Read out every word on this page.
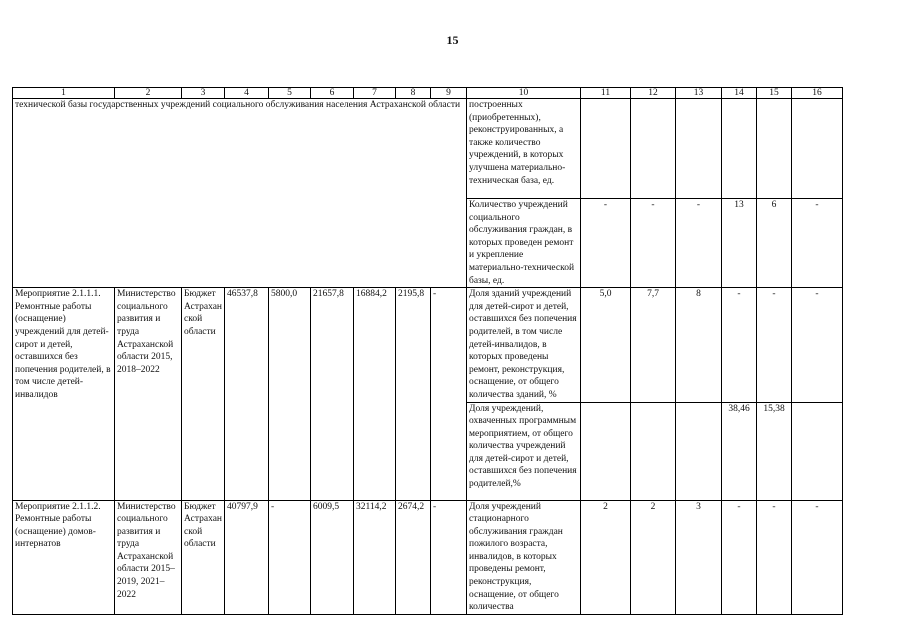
15
1	2	3	4	5	6	7	8	9	10	11	12	13	14	15	16
технической базы государственных учреждений социального обслуживания населения Астраханской области									построенных (приобретенных), реконструированных, а также количество учреждений, в которых улучшена материально-техническая база, ед.						
									Количество учреждений социального обслуживания граждан, в которых проведен ремонт и укрепление материально-технической базы, ед.	-	-	-	13	6	-
Мероприятие 2.1.1.1. Ремонтные работы (оснащение) учреждений для детей-сирот и детей, оставшихся без попечения родителей, в том числе детей-инвалидов	Министерство социального развития и труда Астраханской области 2015, 2018–2022	Бюджет Астраханской области	46537,8	5800,0	21657,8	16884,2	2195,8	-	Доля зданий учреждений для детей-сирот и детей, оставшихся без попечения родителей, в том числе детей-инвалидов, в которых проведены ремонт, реконструкция, оснащение, от общего количества зданий, %	5,0	7,7	8	-	-	-
									Доля учреждений, охваченных программным мероприятием, от общего количества учреждений для детей-сирот и детей, оставшихся без попечения родителей,%				38,46	15,38	
Мероприятие 2.1.1.2. Ремонтные работы (оснащение) домов-интернатов	Министерство социального развития и труда Астраханской области 2015–2019, 2021–2022	Бюджет Астраханской области	40797,9	-	6009,5	32114,2	2674,2	-	Доля учреждений стационарного обслуживания граждан пожилого возраста, инвалидов, в которых проведены ремонт, реконструкция, оснащение, от общего количества	2	2	3	-	-	-
